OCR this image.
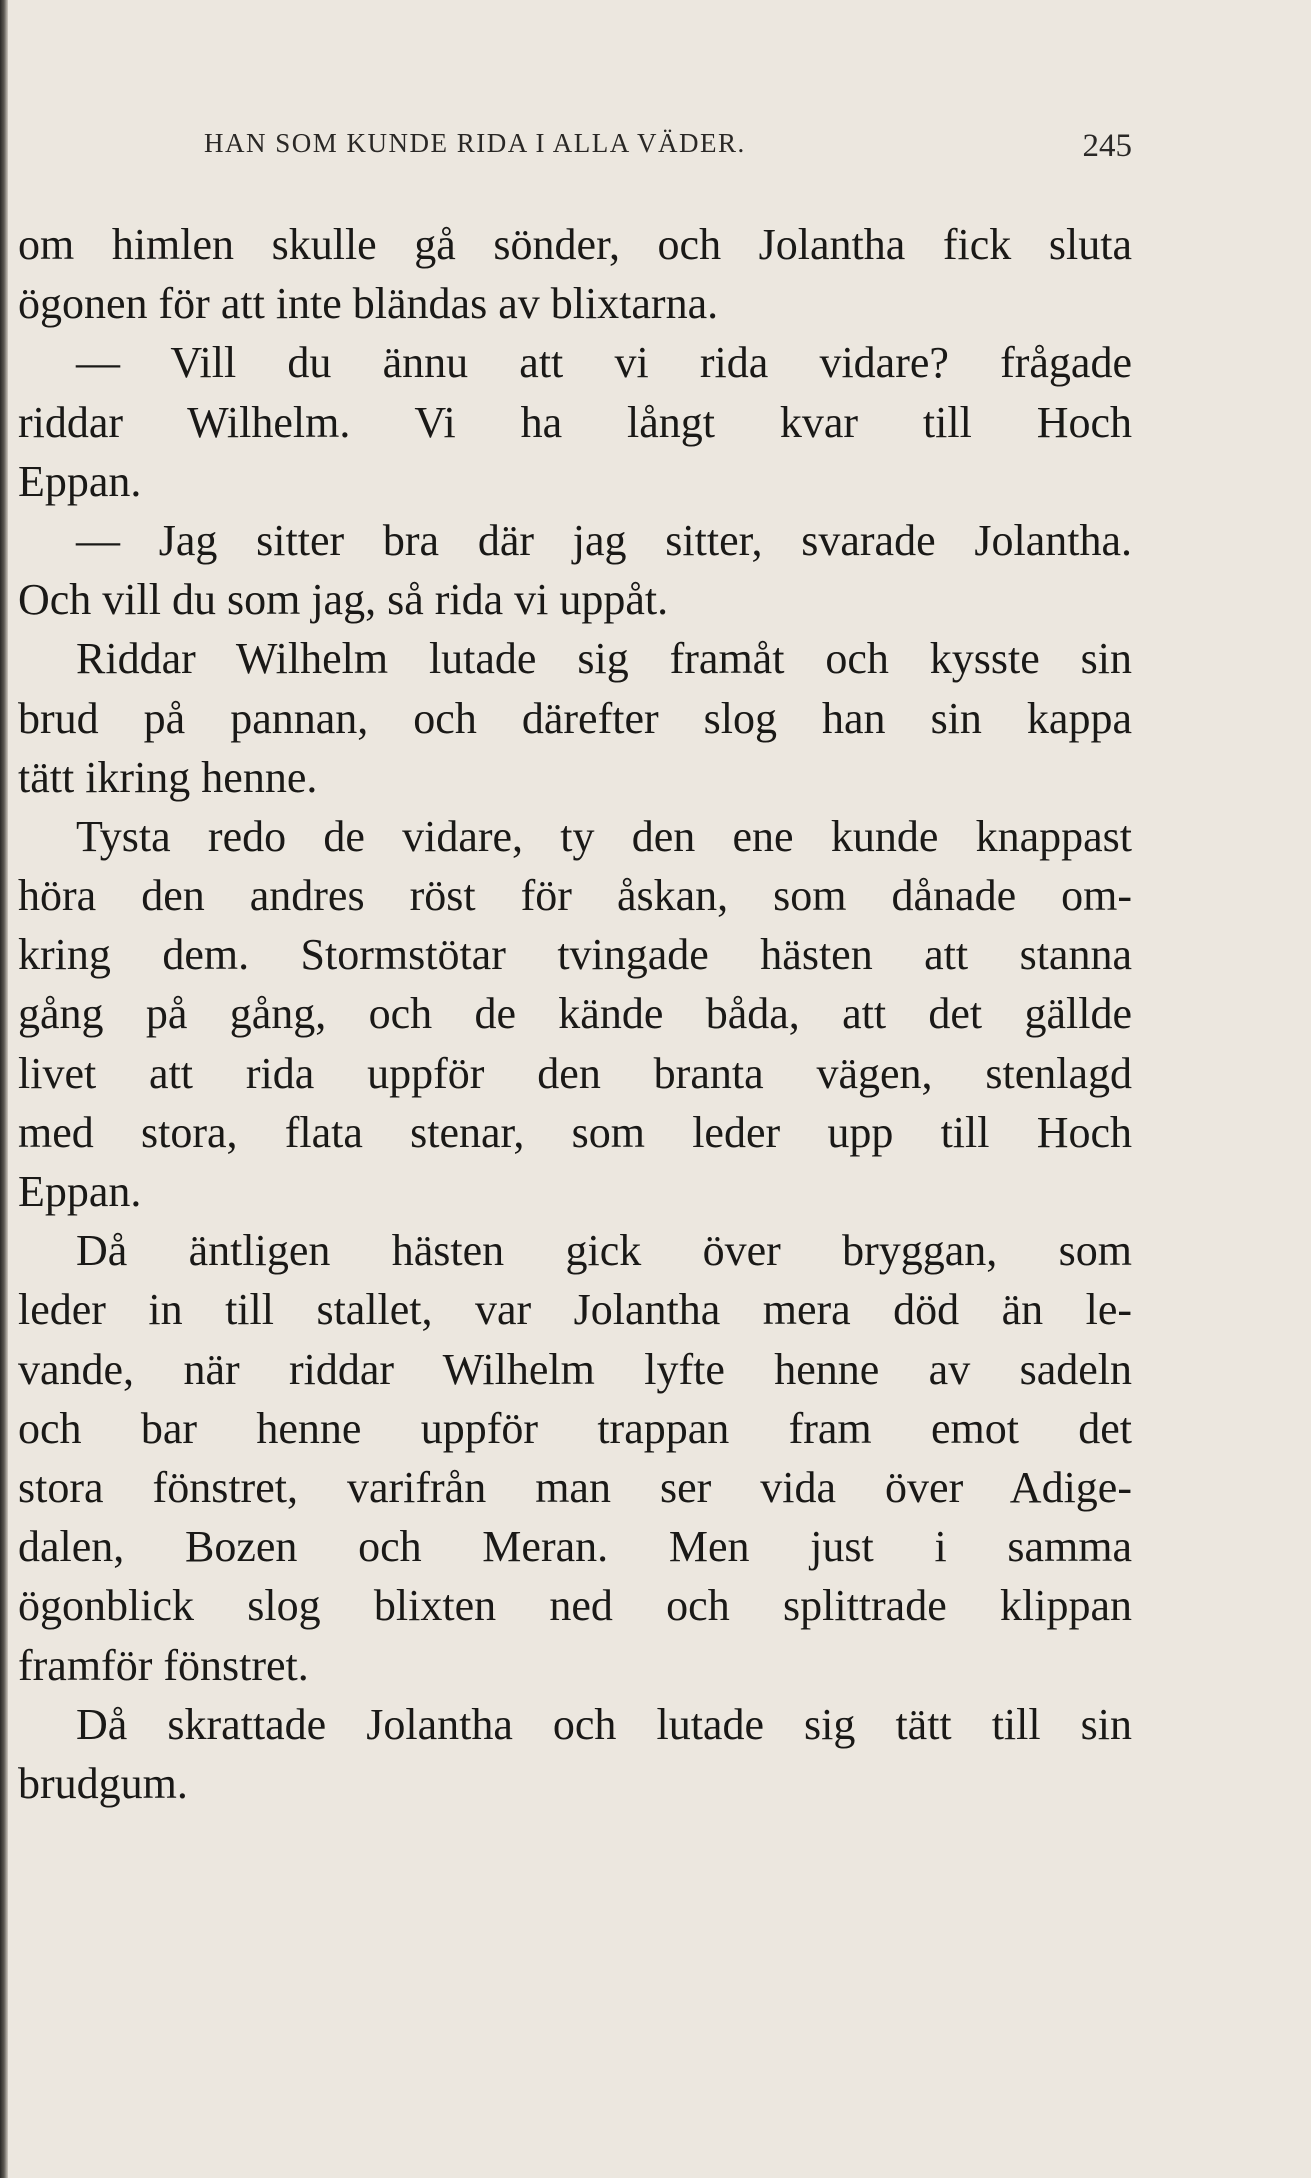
HAN SOM KUNDE RIDA I ALLA VÄDER.	245
om himlen skulle gå sönder, och Jolantha fick sluta
ögonen för att inte bländas av blixtarna.
— Vill du ännu att vi rida vidare? frågade
riddar Wilhelm. Vi ha långt kvar till Hoch
Eppan.
— Jag sitter bra där jag sitter, svarade Jolantha.
Och vill du som jag, så rida vi uppåt.
Riddar Wilhelm lutade sig framåt och kysste sin
brud på pannan, och därefter slog han sin kappa
tätt ikring henne.
Tysta redo de vidare, ty den ene kunde knappast
höra den andres röst för åskan, som dånade om-
kring dem. Stormstötar tvingade hästen att stanna
gång på gång, och de kände båda, att det gällde
livet att rida uppför den branta vägen, stenlagd
med stora, flata stenar, som leder upp till Hoch
Eppan.
Då äntligen hästen gick över bryggan, som
leder in till stallet, var Jolantha mera död än le-
vande, när riddar Wilhelm lyfte henne av sadeln
och bar henne uppför trappan fram emot det
stora fönstret, varifrån man ser vida över Adige-
dalen, Bozen och Meran. Men just i samma
ögonblick slog blixten ned och splittrade klippan
framför fönstret.
Då skrattade Jolantha och lutade sig tätt till sin
brudgum.
